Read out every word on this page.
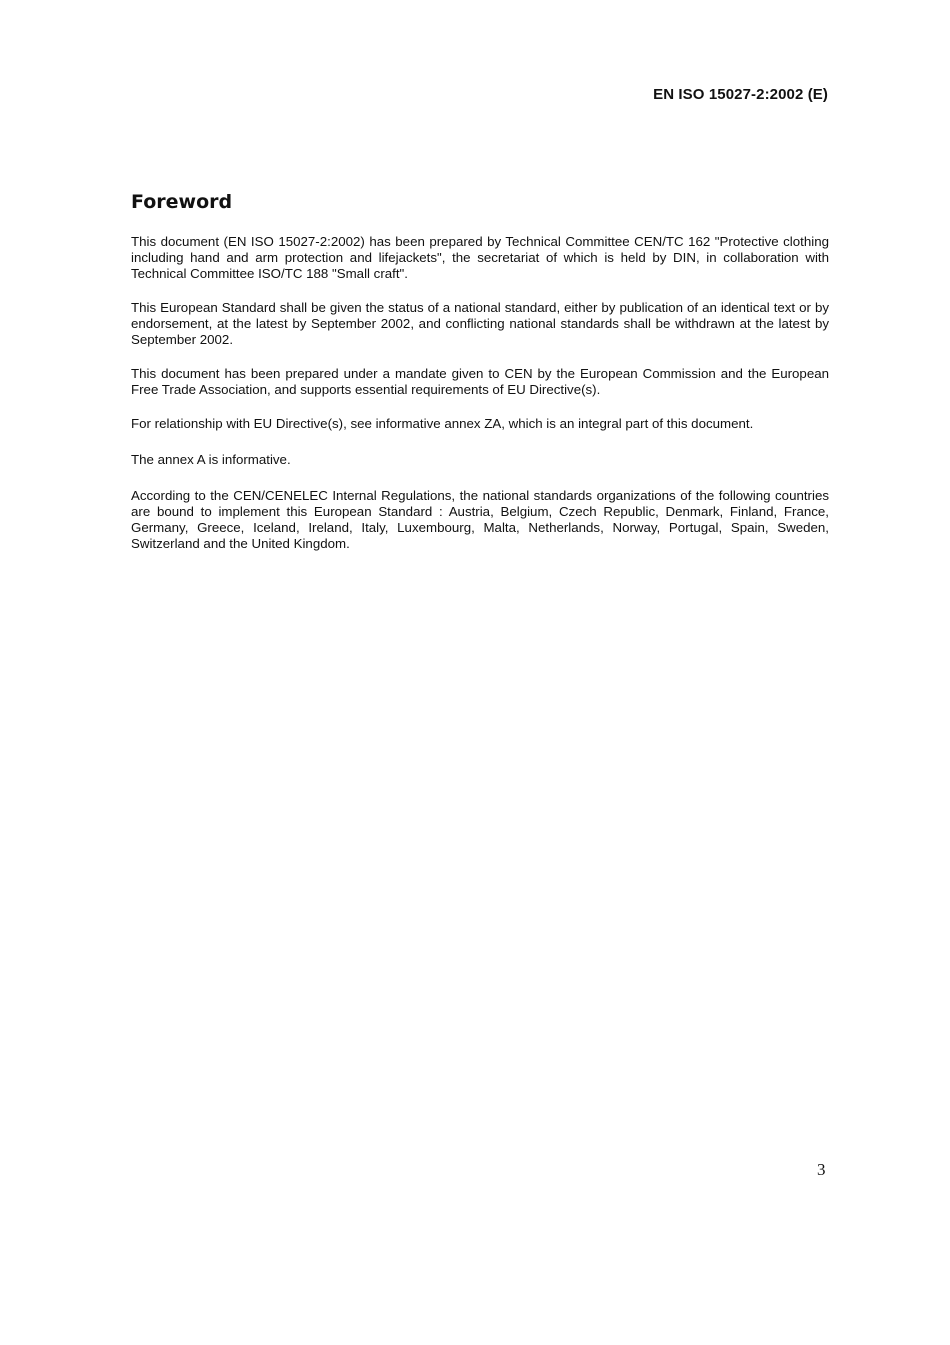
EN ISO 15027-2:2002 (E)
Foreword

This document (EN ISO 15027-2:2002) has been prepared by Technical Committee CEN/TC 162 "Protective clothing including hand and arm protection and lifejackets", the secretariat of which is held by DIN, in collaboration with Technical Committee ISO/TC 188 "Small craft".

This European Standard shall be given the status of a national standard, either by publication of an identical text or by endorsement, at the latest by September 2002, and conflicting national standards shall be withdrawn at the latest by September 2002.

This document has been prepared under a mandate given to CEN by the European Commission and the European Free Trade Association, and supports essential requirements of EU Directive(s).

For relationship with EU Directive(s), see informative annex ZA, which is an integral part of this document.

The annex A is informative.

According to the CEN/CENELEC Internal Regulations, the national standards organizations of the following countries are bound to implement this European Standard : Austria, Belgium, Czech Republic, Denmark, Finland, France, Germany, Greece, Iceland, Ireland, Italy, Luxembourg, Malta, Netherlands, Norway, Portugal, Spain, Sweden, Switzerland and the United Kingdom.

3
